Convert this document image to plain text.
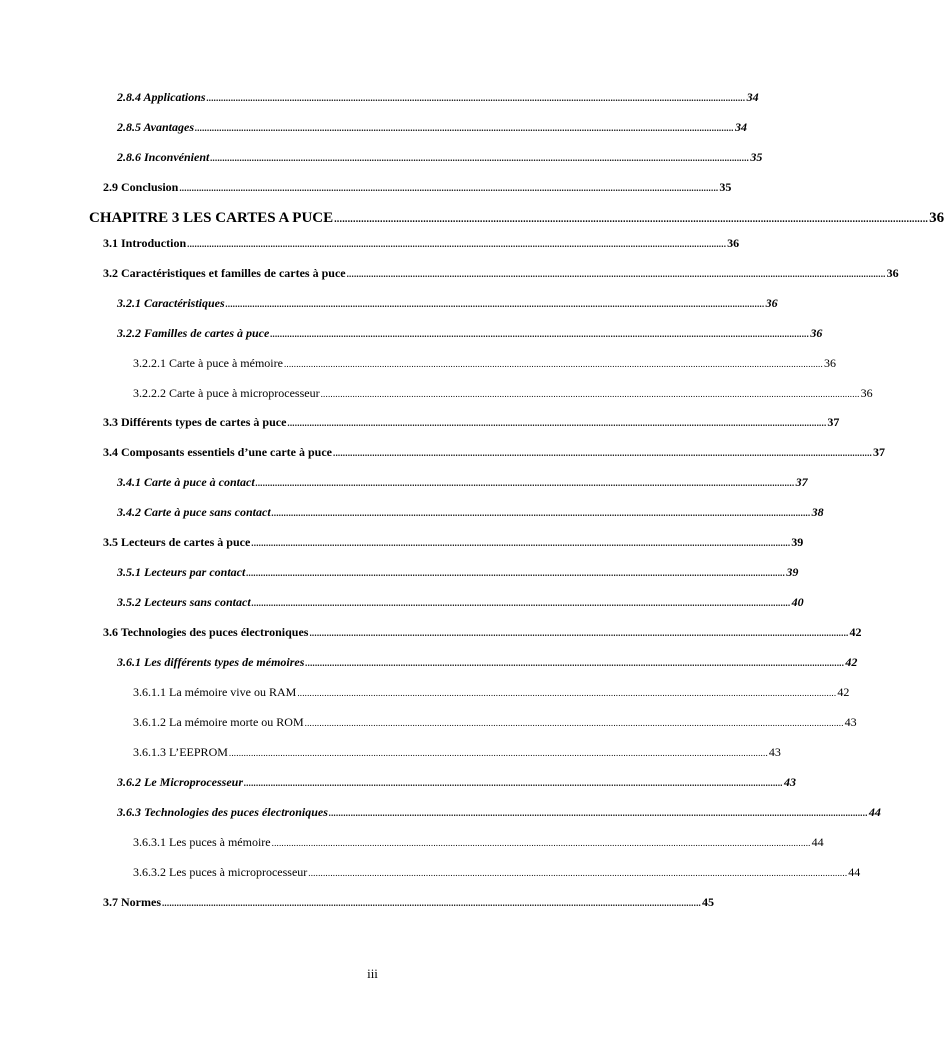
2.8.4 Applications ............................................................................................................................................................................................................................ 34
2.8.5 Avantages ............................................................................................................................................................................................................................ 34
2.8.6 Inconvénient ............................................................................................................................................................................................................................ 35
2.9 Conclusion ............................................................................................................................................................................................................................ 35
CHAPITRE 3 LES CARTES A PUCE ............................................................................................................................................................................................................................ 36
3.1 Introduction ............................................................................................................................................................................................................................ 36
3.2 Caractéristiques et familles de cartes à puce ............................................................................................................................................................................................................................ 36
3.2.1 Caractéristiques ............................................................................................................................................................................................................................ 36
3.2.2 Familles de cartes à puce ............................................................................................................................................................................................................................ 36
3.2.2.1 Carte à puce à mémoire ............................................................................................................................................................................................................................ 36
3.2.2.2 Carte à puce à microprocesseur ............................................................................................................................................................................................................................ 36
3.3 Différents types de cartes à puce ............................................................................................................................................................................................................................ 37
3.4 Composants essentiels d’une carte à puce ............................................................................................................................................................................................................................ 37
3.4.1 Carte à puce à contact ............................................................................................................................................................................................................................ 37
3.4.2 Carte à puce sans contact ............................................................................................................................................................................................................................ 38
3.5 Lecteurs de cartes à puce ............................................................................................................................................................................................................................ 39
3.5.1 Lecteurs par contact ............................................................................................................................................................................................................................ 39
3.5.2 Lecteurs sans contact ............................................................................................................................................................................................................................ 40
3.6 Technologies des puces électroniques ............................................................................................................................................................................................................................ 42
3.6.1 Les différents types de mémoires ............................................................................................................................................................................................................................ 42
3.6.1.1 La mémoire vive ou RAM ............................................................................................................................................................................................................................ 42
3.6.1.2 La mémoire morte ou ROM ............................................................................................................................................................................................................................ 43
3.6.1.3 L’EEPROM ............................................................................................................................................................................................................................ 43
3.6.2 Le Microprocesseur ............................................................................................................................................................................................................................ 43
3.6.3 Technologies des puces électroniques ............................................................................................................................................................................................................................ 44
3.6.3.1 Les puces à mémoire ............................................................................................................................................................................................................................ 44
3.6.3.2 Les puces à microprocesseur ............................................................................................................................................................................................................................ 44
3.7 Normes ............................................................................................................................................................................................................................ 45
iii
